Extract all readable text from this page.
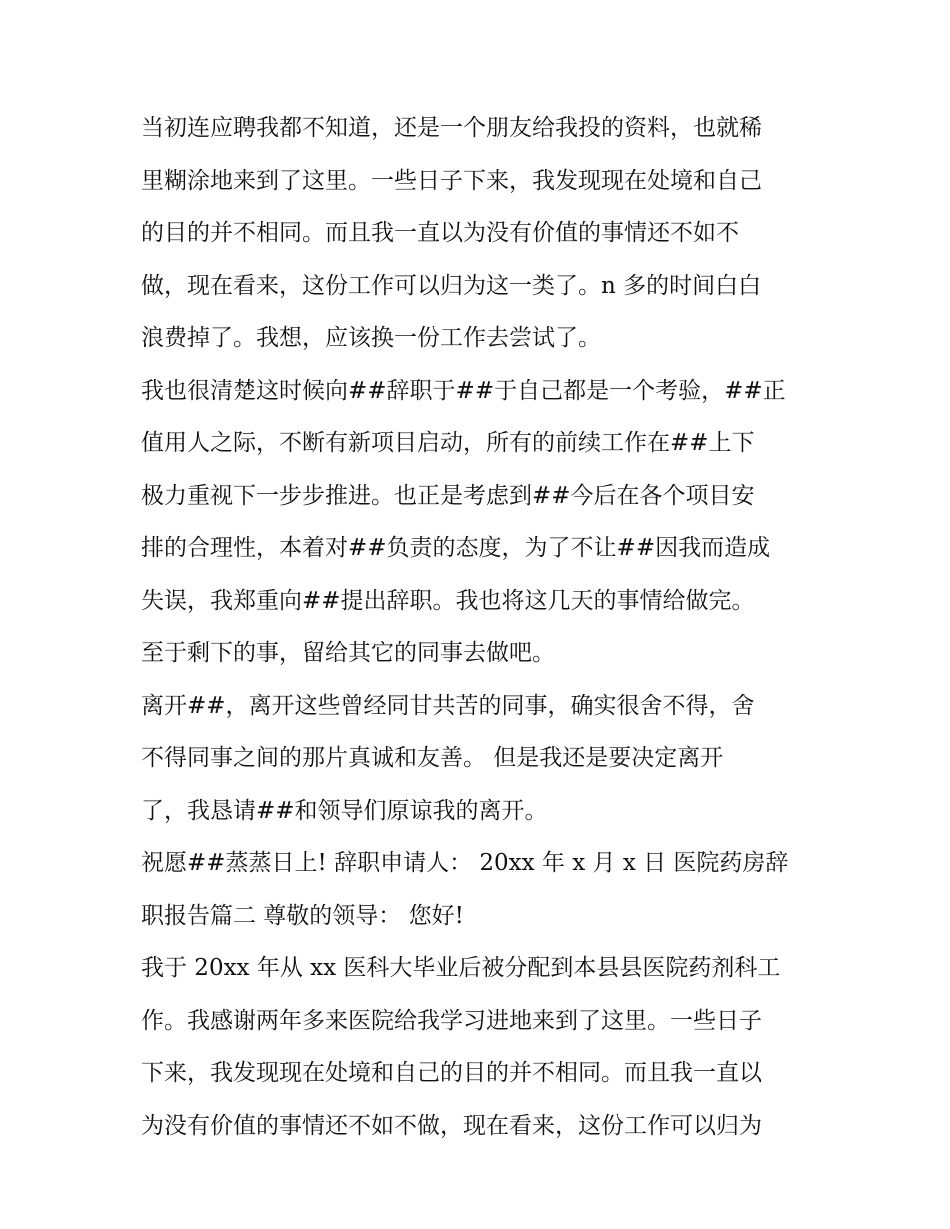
当初连应聘我都不知道，还是一个朋友给我投的资料，也就稀
里糊涂地来到了这里。一些日子下来，我发现现在处境和自己
的目的并不相同。而且我一直以为没有价值的事情还不如不
做，现在看来，这份工作可以归为这一类了。n 多的时间白白
浪费掉了。我想，应该换一份工作去尝试了。
我也很清楚这时候向##辞职于##于自己都是一个考验，##正
值用人之际，不断有新项目启动，所有的前续工作在##上下
极力重视下一步步推进。也正是考虑到##今后在各个项目安
排的合理性，本着对##负责的态度，为了不让##因我而造成
失误，我郑重向##提出辞职。我也将这几天的事情给做完。
至于剩下的事，留给其它的同事去做吧。
离开##，离开这些曾经同甘共苦的同事，确实很舍不得，舍
不得同事之间的那片真诚和友善。 但是我还是要决定离开
了，我恳请##和领导们原谅我的离开。
祝愿##蒸蒸日上! 辞职申请人： 20xx 年 x 月 x 日 医院药房辞
职报告篇二 尊敬的领导： 您好!
我于 20xx 年从 xx 医科大毕业后被分配到本县县医院药剂科工
作。我感谢两年多来医院给我学习进地来到了这里。一些日子
下来，我发现现在处境和自己的目的并不相同。而且我一直以
为没有价值的事情还不如不做，现在看来，这份工作可以归为
